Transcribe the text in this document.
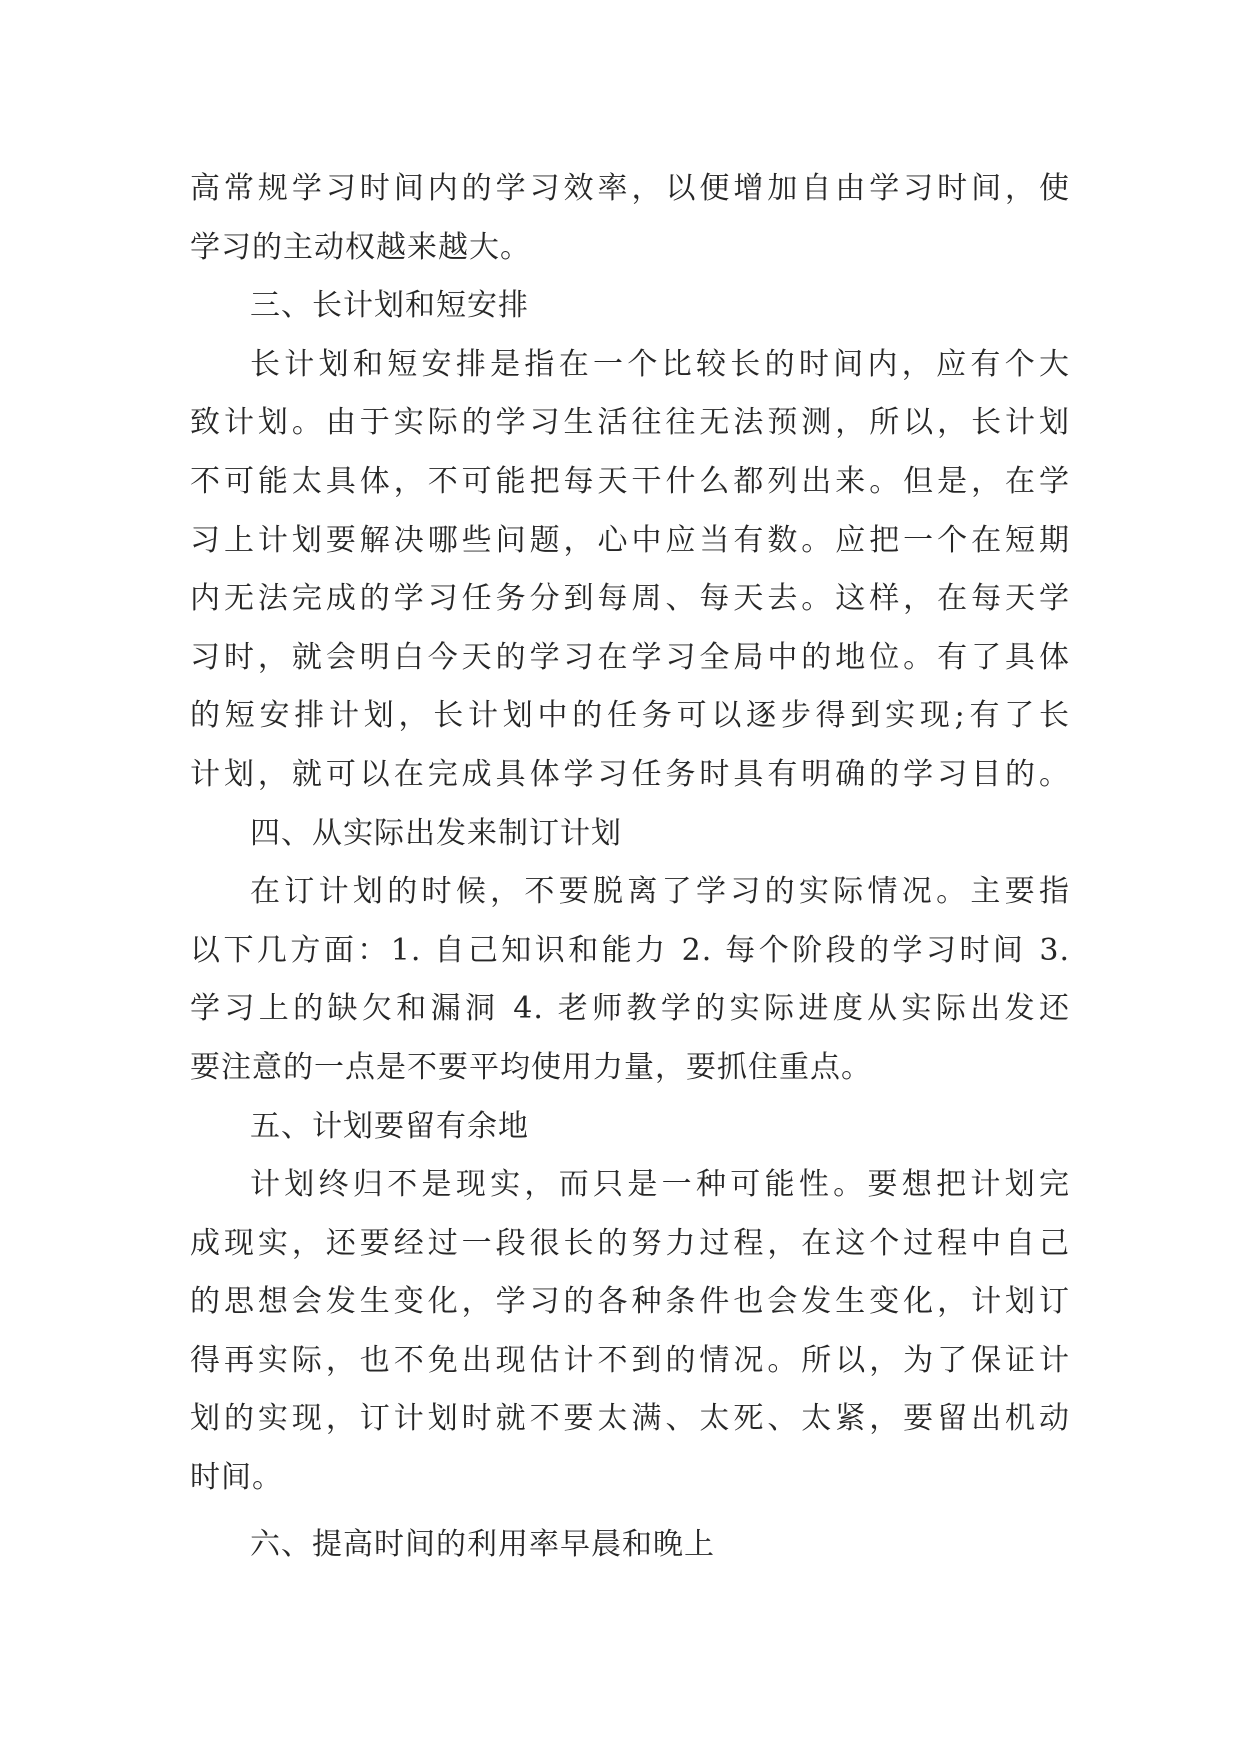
高常规学习时间内的学习效率，以便增加自由学习时间，使
学习的主动权越来越大。
三、长计划和短安排
长计划和短安排是指在一个比较长的时间内，应有个大
致计划。由于实际的学习生活往往无法预测，所以，长计划
不可能太具体，不可能把每天干什么都列出来。但是，在学
习上计划要解决哪些问题，心中应当有数。应把一个在短期
内无法完成的学习任务分到每周、每天去。这样，在每天学
习时，就会明白今天的学习在学习全局中的地位。有了具体
的短安排计划，长计划中的任务可以逐步得到实现;有了长
计划，就可以在完成具体学习任务时具有明确的学习目的。
四、从实际出发来制订计划
在订计划的时候，不要脱离了学习的实际情况。主要指
以下几方面：1. 自己知识和能力 2. 每个阶段的学习时间 3.
学习上的缺欠和漏洞 4. 老师教学的实际进度从实际出发还
要注意的一点是不要平均使用力量，要抓住重点。
五、计划要留有余地
计划终归不是现实，而只是一种可能性。要想把计划完
成现实，还要经过一段很长的努力过程，在这个过程中自己
的思想会发生变化，学习的各种条件也会发生变化，计划订
得再实际，也不免出现估计不到的情况。所以，为了保证计
划的实现，订计划时就不要太满、太死、太紧，要留出机动
时间。
六、提高时间的利用率早晨和晚上
